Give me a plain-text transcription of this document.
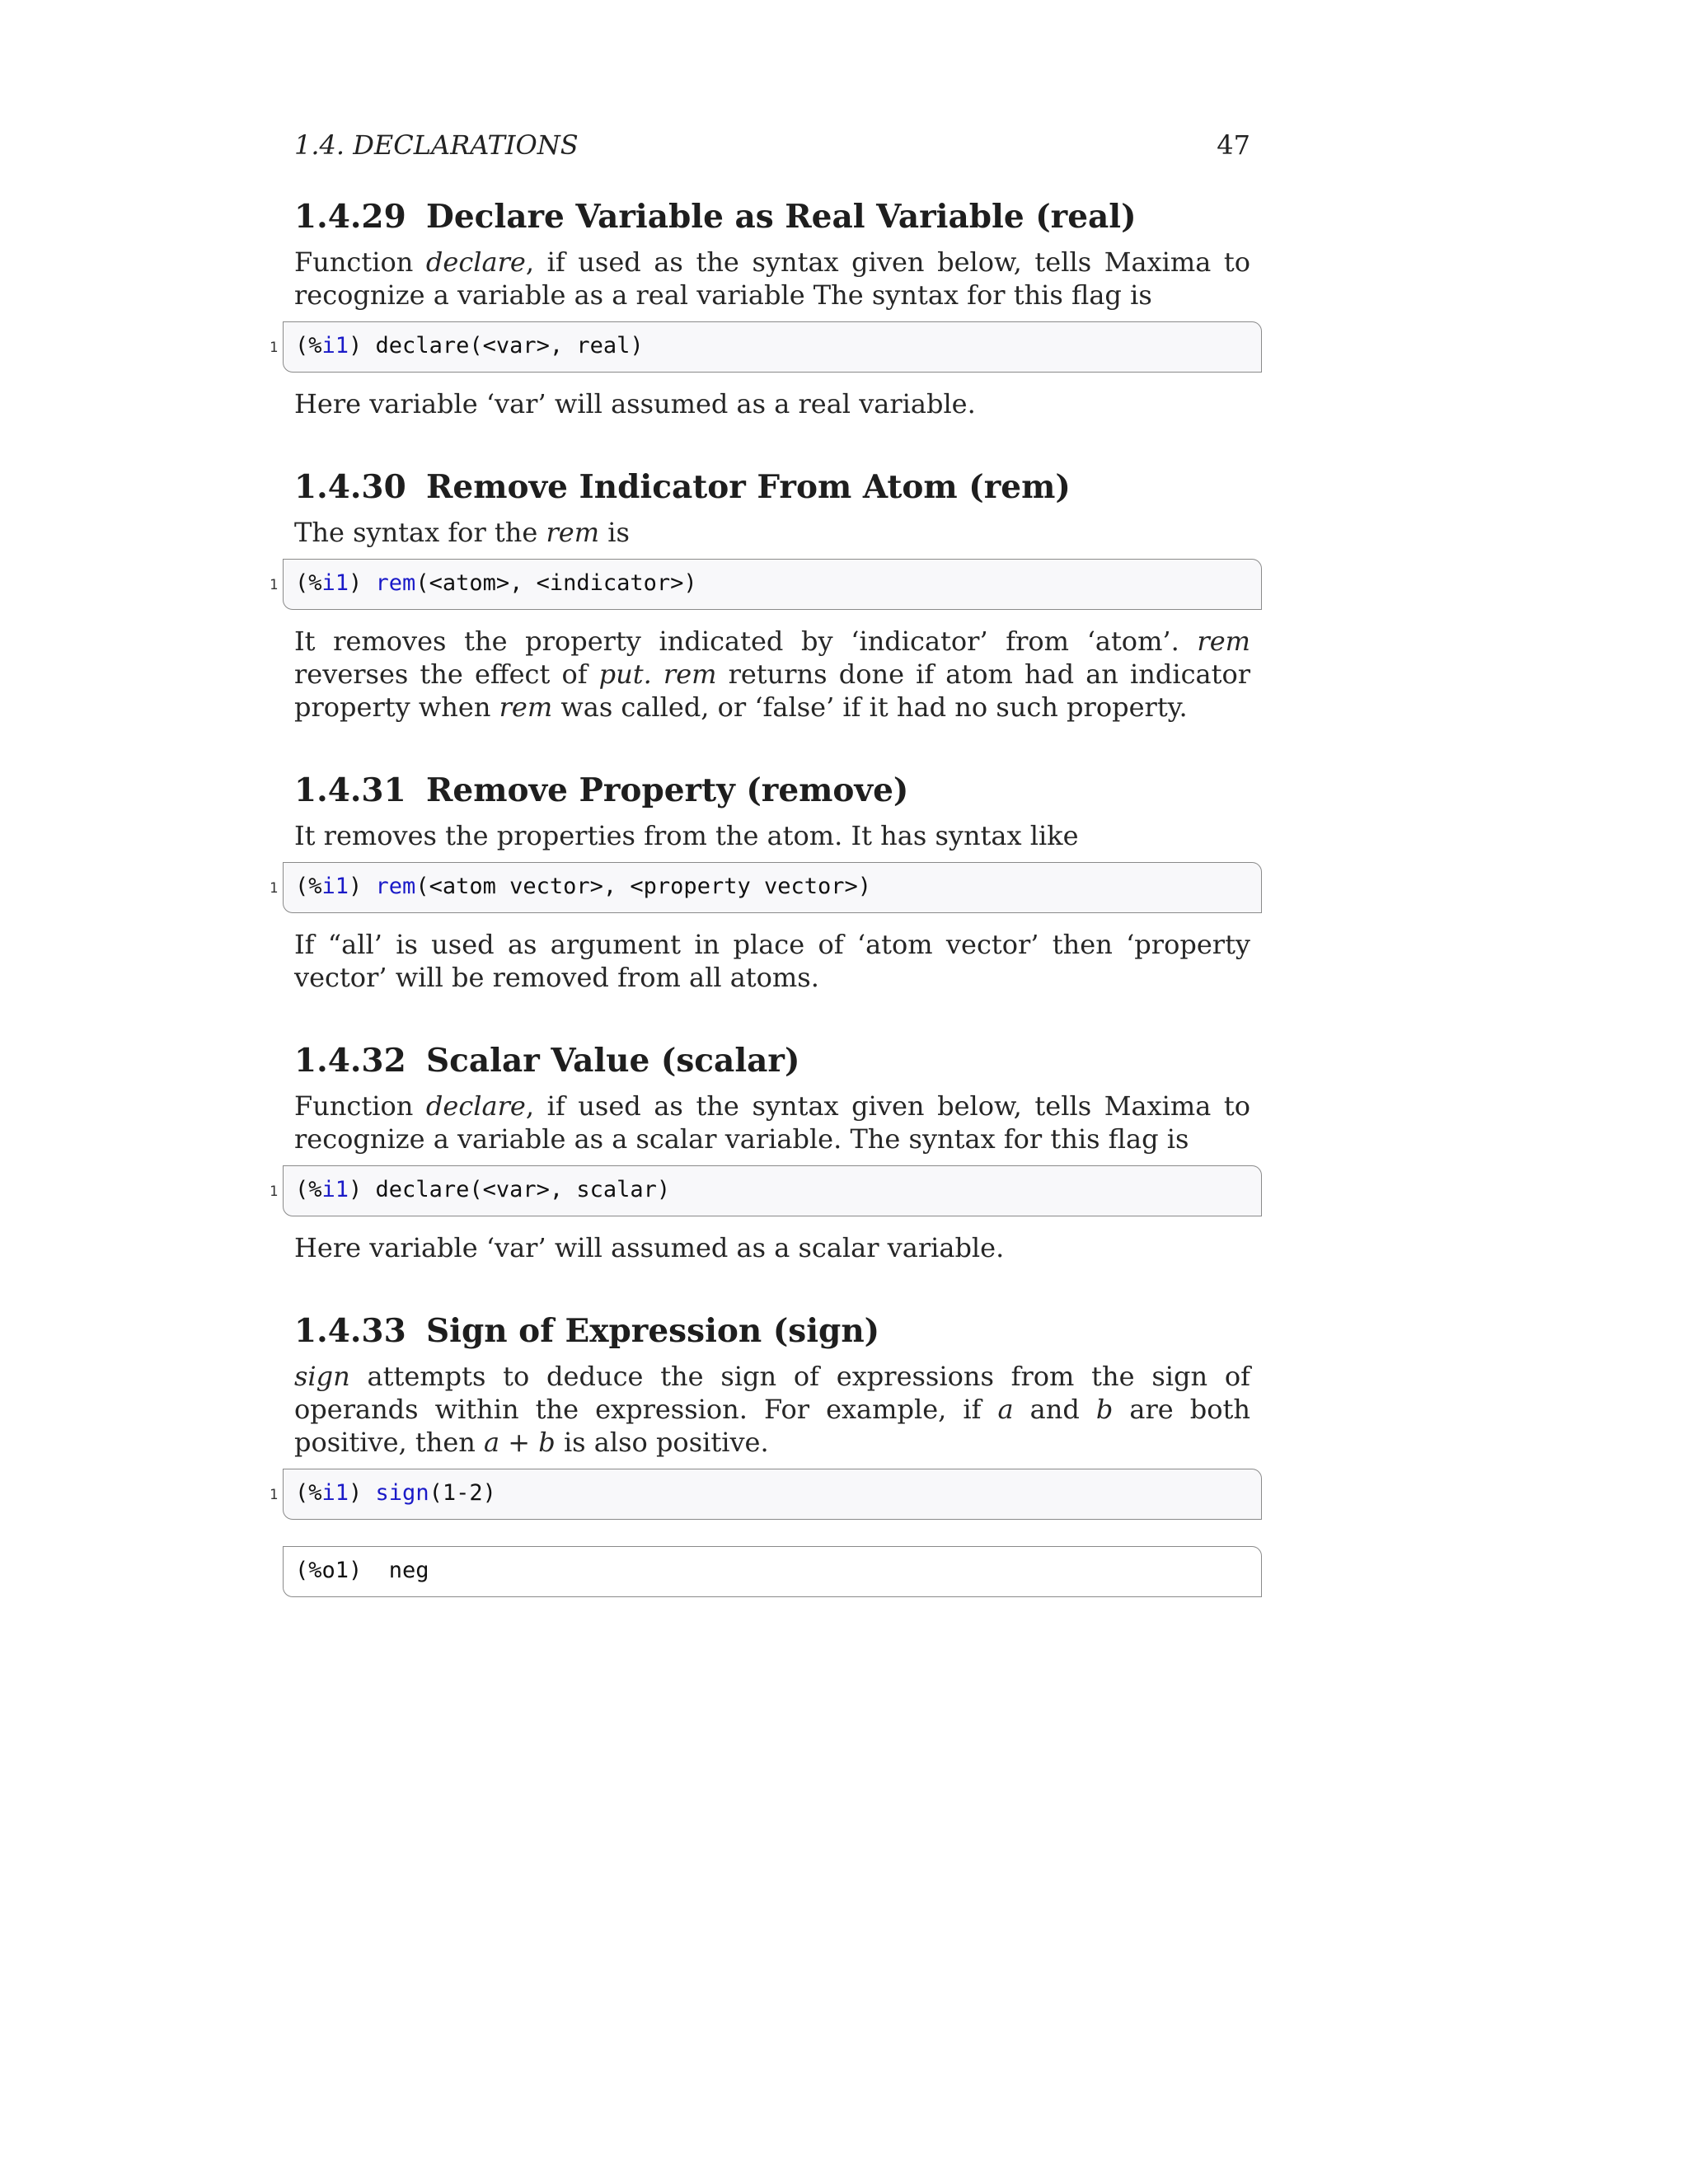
1.4. DECLARATIONS	47
1.4.29 Declare Variable as Real Variable (real)

Function declare, if used as the syntax given below, tells Maxima to recognize a variable as a real variable The syntax for this flag is

1 (%i1) declare(<var>, real)

Here variable ‘var’ will assumed as a real variable.

1.4.30 Remove Indicator From Atom (rem)

The syntax for the rem is

1 (%i1) rem(<atom>, <indicator>)

It removes the property indicated by ‘indicator’ from ‘atom’. rem reverses the effect of put. rem returns done if atom had an indicator property when rem was called, or ‘false’ if it had no such property.

1.4.31 Remove Property (remove)

It removes the properties from the atom. It has syntax like

1 (%i1) rem(<atom vector>, <property vector>)

If “all’ is used as argument in place of ‘atom vector’ then ‘property vector’ will be removed from all atoms.

1.4.32 Scalar Value (scalar)

Function declare, if used as the syntax given below, tells Maxima to recognize a variable as a scalar variable. The syntax for this flag is

1 (%i1) declare(<var>, scalar)

Here variable ‘var’ will assumed as a scalar variable.

1.4.33 Sign of Expression (sign)

sign attempts to deduce the sign of expressions from the sign of operands within the expression. For example, if a and b are both positive, then a + b is also positive.

1 (%i1) sign(1-2)
(%o1)  neg
